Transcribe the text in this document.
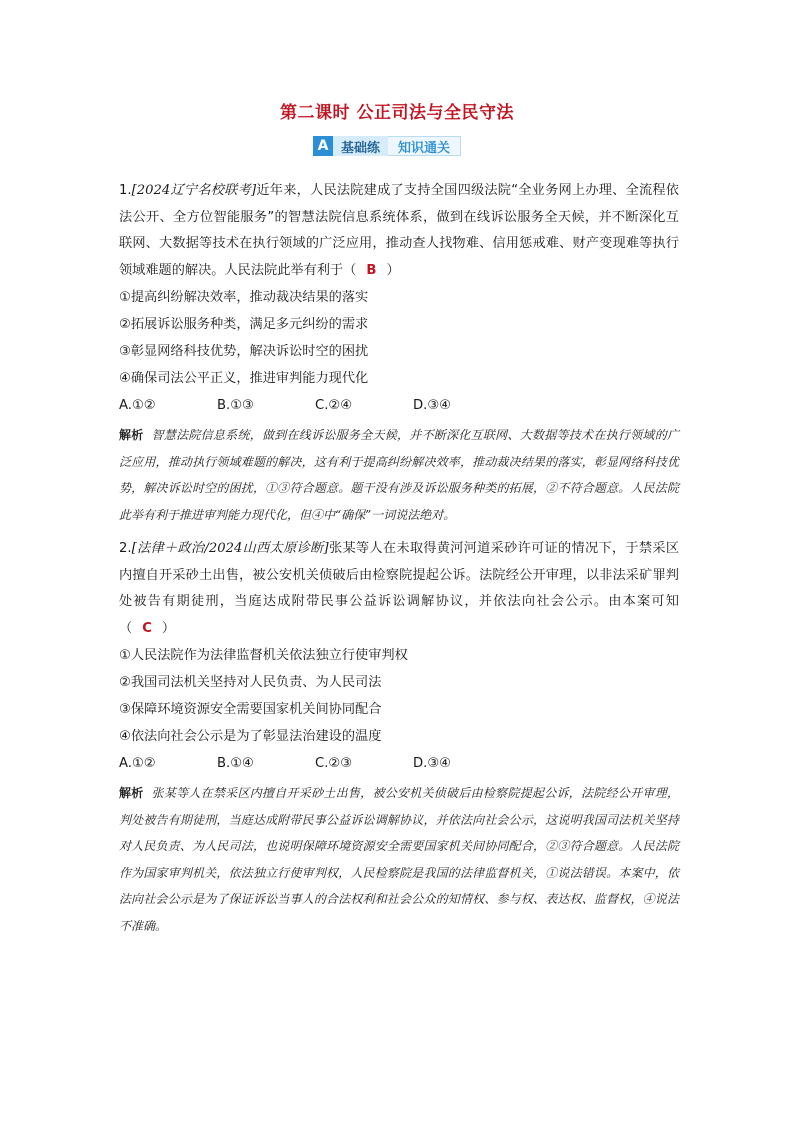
第二课时 公正司法与全民守法
A 基础练	知识通关

1.[2024辽宁名校联考]近年来，人民法院建成了支持全国四级法院“全业务网上办理、全流程依法公开、全方位智能服务”的智慧法院信息系统体系，做到在线诉讼服务全天候，并不断深化互联网、大数据等技术在执行领域的广泛应用，推动查人找物难、信用惩戒难、财产变现难等执行领域难题的解决。人民法院此举有利于（ B ）

①提高纠纷解决效率，推动裁决结果的落实

②拓展诉讼服务种类，满足多元纠纷的需求

③彰显网络科技优势，解决诉讼时空的困扰

④确保司法公平正义，推进审判能力现代化

A.①②	B.①③	C.②④	D.③④

解析 智慧法院信息系统，做到在线诉讼服务全天候，并不断深化互联网、大数据等技术在执行领域的广泛应用，推动执行领域难题的解决，这有利于提高纠纷解决效率，推动裁决结果的落实，彰显网络科技优势，解决诉讼时空的困扰，①③符合题意。题干没有涉及诉讼服务种类的拓展，②不符合题意。人民法院此举有利于推进审判能力现代化，但④中“确保”一词说法绝对。

2.[法律＋政治/2024山西太原诊断]张某等人在未取得黄河河道采砂许可证的情况下，于禁采区内擅自开采砂土出售，被公安机关侦破后由检察院提起公诉。法院经公开审理，以非法采矿罪判处被告有期徒刑，当庭达成附带民事公益诉讼调解协议，并依法向社会公示。由本案可知（ C ）

①人民法院作为法律监督机关依法独立行使审判权

②我国司法机关坚持对人民负责、为人民司法

③保障环境资源安全需要国家机关间协同配合

④依法向社会公示是为了彰显法治建设的温度

A.①②	B.①④	C.②③	D.③④

解析 张某等人在禁采区内擅自开采砂土出售，被公安机关侦破后由检察院提起公诉，法院经公开审理，判处被告有期徒刑，当庭达成附带民事公益诉讼调解协议，并依法向社会公示，这说明我国司法机关坚持对人民负责、为人民司法，也说明保障环境资源安全需要国家机关间协同配合，②③符合题意。人民法院作为国家审判机关，依法独立行使审判权，人民检察院是我国的法律监督机关，①说法错误。本案中，依法向社会公示是为了保证诉讼当事人的合法权利和社会公众的知情权、参与权、表达权、监督权，④说法不准确。
